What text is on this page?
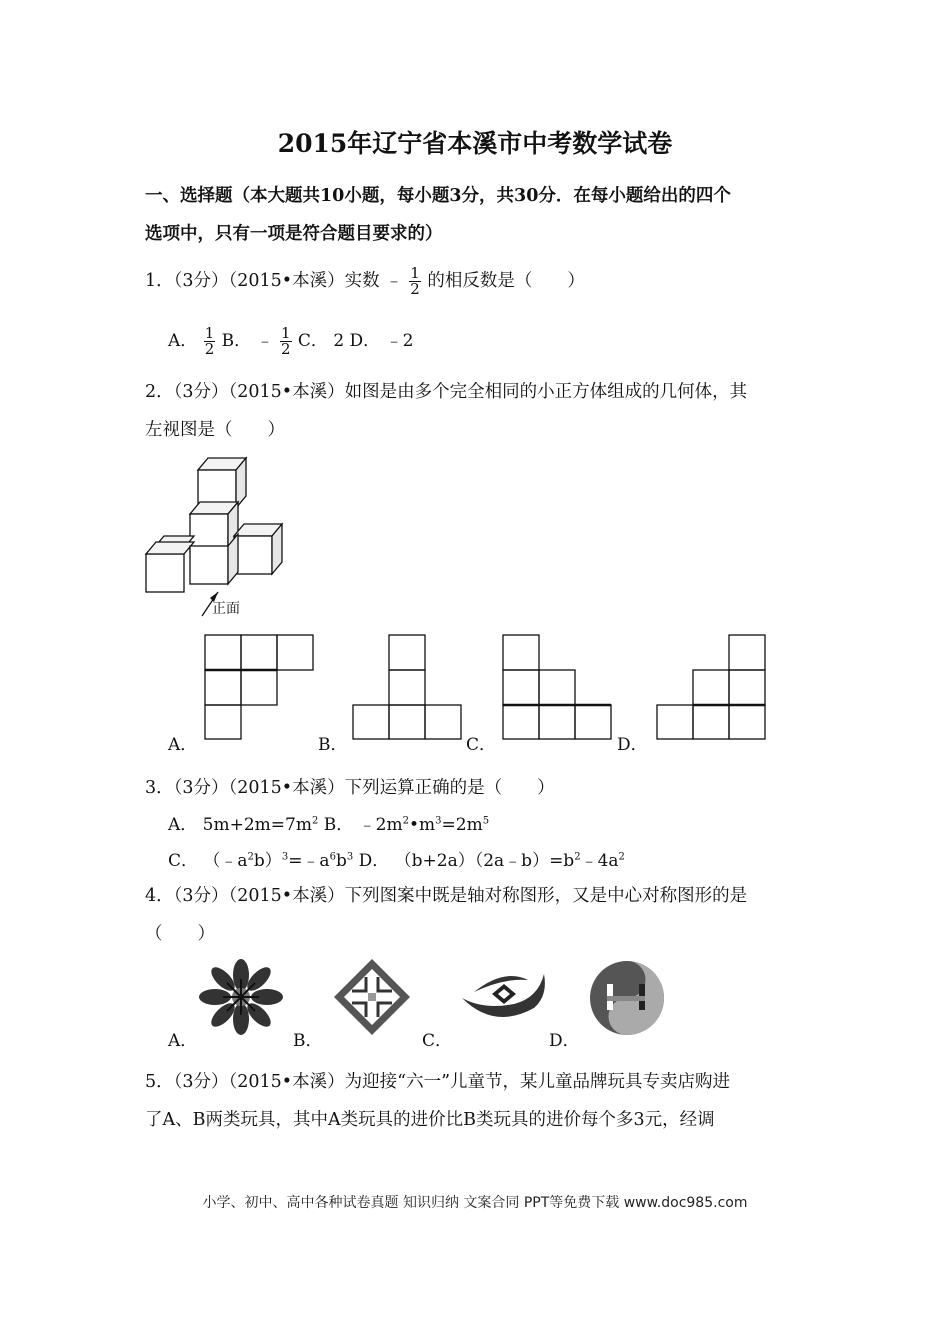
2015年辽宁省本溪市中考数学试卷
一、选择题（本大题共10小题，每小题3分，共30分．在每小题给出的四个
选项中，只有一项是符合题目要求的）
1．（3分）（2015•本溪）实数 ﹣ $\frac{1}{2}$ 的相反数是（　　）
A． $\frac{1}{2}$ B． ﹣ $\frac{1}{2}$ C． 2 D． ﹣2
2．（3分）（2015•本溪）如图是由多个完全相同的小正方体组成的几何体，其
左视图是（　　）
正面
A．	B．	C．	D．
3．（3分）（2015•本溪）下列运算正确的是（　　）
A． $5m+2m=7m^2$ B． $﹣2m^2•m^3=2m^5$
C． $(﹣a^2b)^3=﹣a^6b^3$ D． $(b+2a)(2a﹣b)=b^2﹣4a^2$
4．（3分）（2015•本溪）下列图案中既是轴对称图形，又是中心对称图形的是
（　　）
A．	B．	C．	D．
5．（3分）（2015•本溪）为迎接“六一”儿童节，某儿童品牌玩具专卖店购进
了A、B两类玩具，其中A类玩具的进价比B类玩具的进价每个多3元，经调
小学、初中、高中各种试卷真题 知识归纳 文案合同 PPT等免费下载 www.doc985.com
